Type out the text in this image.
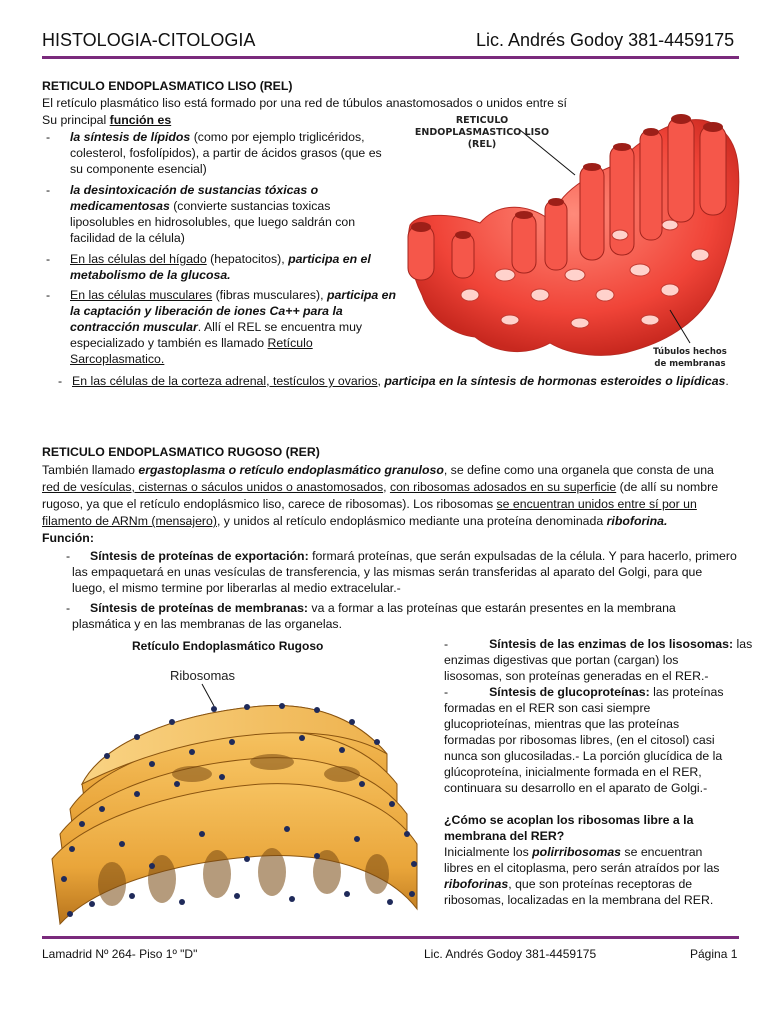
HISTOLOGIA-CITOLOGIA	Lic. Andrés Godoy 381-4459175
RETICULO ENDOPLASMATICO LISO (REL)
El retículo plasmático liso está formado por una red de túbulos anastomosados o unidos entre sí
Su principal función es
- la síntesis de lípidos (como por ejemplo triglicéridos,

colesterol, fosfolípidos), a partir de ácidos grasos (que es

su componente esencial)

- la desintoxicación de sustancias tóxicas o

medicamentosas (convierte sustancias toxicas

liposolubles en hidrosolubles, que luego saldrán con

facilidad de la célula)

- En las células del hígado (hepatocitos), participa en el

metabolismo de la glucosa.

- En las células musculares (fibras musculares), participa en

la captación y liberación de iones Ca++ para la

contracción muscular. Allí el REL se encuentra muy

especializado y también es llamado Retículo

Sarcoplasmatico.

- En las células de la corteza adrenal, testículos y ovarios, participa en la síntesis de hormonas esteroides o lipídicas.
RETICULO
ENDOPLASMASTICO LISO
(REL)
Túbulos hechos
de membranas
RETICULO ENDOPLASMATICO RUGOSO (RER)
También llamado ergastoplasma o retículo endoplasmático granuloso, se define como una organela que consta de una
red de vesículas, cisternas o sáculos unidos o anastomosados, con ribosomas adosados en su superficie (de allí su nombre
rugoso, ya que el retículo endoplásmico liso, carece de ribosomas). Los ribosomas se encuentran unidos entre sí por un
filamento de ARNm (mensajero), y unidos al retículo endoplásmico mediante una proteína denominada riboforina.
Función:
- Síntesis de proteínas de exportación: formará proteínas, que serán expulsadas de la célula. Y para hacerlo, primero

las empaquetará en unas vesículas de transferencia, y las mismas serán transferidas al aparato del Golgi, para que

luego, el mismo termine por liberarlas al medio extracelular.-

- Síntesis de proteínas de membranas: va a formar a las proteínas que estarán presentes en la membrana

plasmática y en las membranas de las organelas.

-            Síntesis de las enzimas de los lisosomas: las

enzimas digestivas que portan (cargan) los

lisosomas, son proteínas generadas en el RER.-

-            Síntesis de glucoproteínas: las proteínas

formadas en el RER son casi siempre

glucoprioteínas, mientras que las proteínas

formadas por ribosomas libres, (en el citosol) casi

nunca son glucosiladas.- La porción glucídica de la

glúcoproteína, inicialmente formada en el RER,

continuara su desarrollo en el aparato de Golgi.-

¿Cómo se acoplan los ribosomas libre a la

membrana del RER?

Inicialmente los polirribosomas se encuentran

libres en el citoplasma, pero serán atraídos por las

riboforinas, que son proteínas receptoras de

ribosomas, localizadas en la membrana del RER.

Retículo Endoplasmático Rugoso
Ribosomas
Lamadrid Nº 264- Piso 1º "D"	Lic. Andrés Godoy 381-4459175	Página 1
